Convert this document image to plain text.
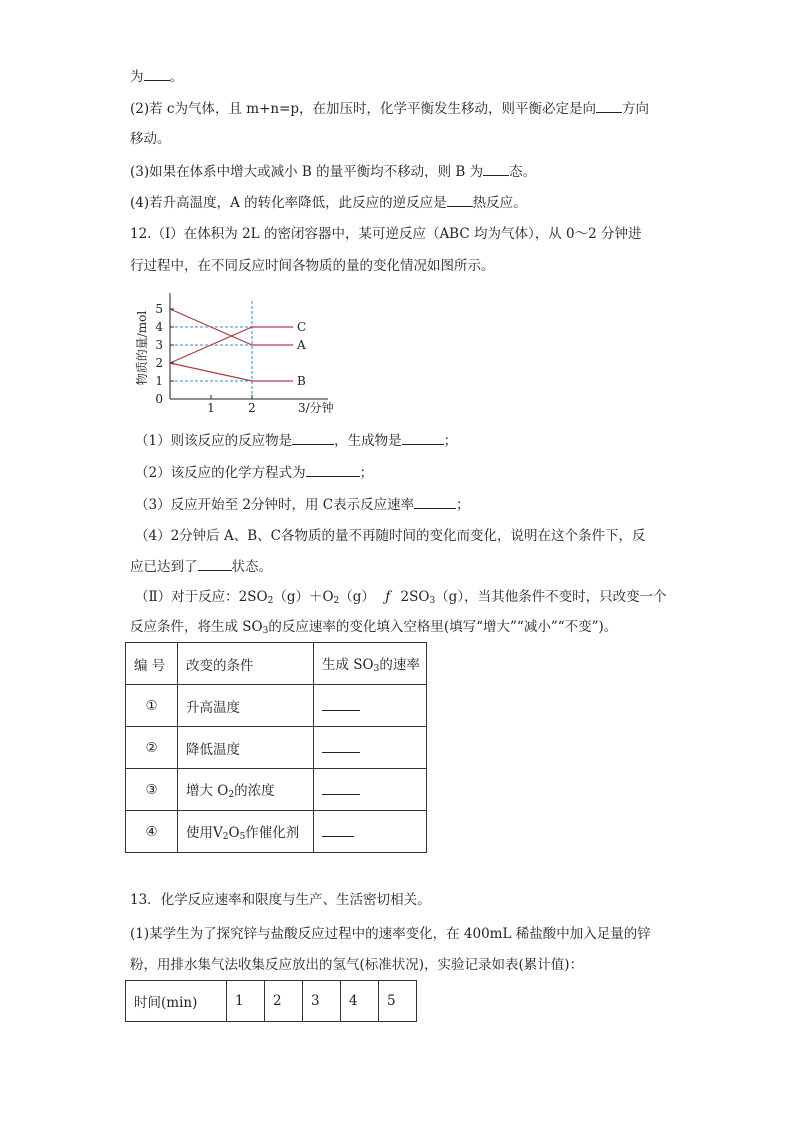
为 。
(2)若 c为气体，且 m+n=p，在加压时，化学平衡发生移动，则平衡必定是向 方向
移动。
(3)如果在体系中增大或减小 B 的量平衡均不移动，则 B 为 态。
(4)若升高温度，A 的转化率降低，此反应的逆反应是 热反应。
12.（Ⅰ）在体积为 2L 的密闭容器中，某可逆反应（ABC 均为气体），从 0～2 分钟进
行过程中，在不同反应时间各物质的量的变化情况如图所示。
0
1
2
3
4
5
1	2
A
B
C
物质的量/mol
3/分钟
（1）则该反应的反应物是	，生成物是	；
（2）该反应的化学方程式为	；
（3）反应开始至 2分钟时，用 C表示反应速率	；
（4）2分钟后 A、B、C各物质的量不再随时间的变化而变化，说明在这个条件下，反
应已达到了	状态。
（Ⅱ）对于反应：$2SO_2(g)+O_2(g)$ ƒ $2SO_3(g)$，当其他条件不变时，只改变一个
反应条件，将生成 $SO_3$的反应速率的变化填入空格里(填写“增大”“减小”“不变”)。
编 号	改变的条件	生成 $SO_3$的速率
①	升高温度	
②	降低温度	
③	增大 $O_2$的浓度	
④	使用$V_2O_5$作催化剂	
13．化学反应速率和限度与生产、生活密切相关。
(1)某学生为了探究锌与盐酸反应过程中的速率变化，在 400mL 稀盐酸中加入足量的锌
粉，用排水集气法收集反应放出的氢气(标准状况)，实验记录如表(累计值)：
时间(min)	1	2	3	4	5
